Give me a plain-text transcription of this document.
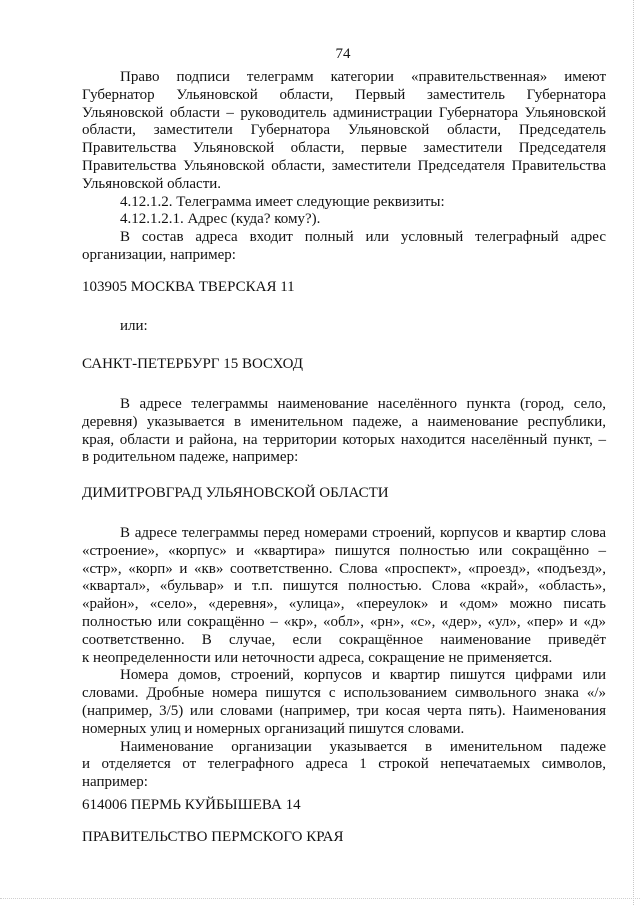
74
Право подписи телеграмм категории «правительственная» имеют
Губернатор Ульяновской области, Первый заместитель Губернатора
Ульяновской области – руководитель администрации Губернатора Ульяновской
области, заместители Губернатора Ульяновской области, Председатель
Правительства Ульяновской области, первые заместители Председателя
Правительства Ульяновской области, заместители Председателя Правительства
Ульяновской области.
4.12.1.2. Телеграмма имеет следующие реквизиты:
4.12.1.2.1. Адрес (куда? кому?).
В состав адреса входит полный или условный телеграфный адрес
организации, например:
103905 МОСКВА ТВЕРСКАЯ 11
или:
САНКТ-ПЕТЕРБУРГ 15 ВОСХОД
В адресе телеграммы наименование населённого пункта (город, село,
деревня) указывается в именительном падеже, а наименование республики,
края, области и района, на территории которых находится населённый пункт, –
в родительном падеже, например:
ДИМИТРОВГРАД УЛЬЯНОВСКОЙ ОБЛАСТИ
В адресе телеграммы перед номерами строений, корпусов и квартир слова
«строение», «корпус» и «квартира» пишутся полностью или сокращённо –
«стр», «корп» и «кв» соответственно. Слова «проспект», «проезд», «подъезд»,
«квартал», «бульвар» и т.п. пишутся полностью. Слова «край», «область»,
«район», «село», «деревня», «улица», «переулок» и «дом» можно писать
полностью или сокращённо – «кр», «обл», «рн», «с», «дер», «ул», «пер» и «д»
соответственно. В случае, если сокращённое наименование приведёт
к неопределенности или неточности адреса, сокращение не применяется.
Номера домов, строений, корпусов и квартир пишутся цифрами или
словами. Дробные номера пишутся с использованием символьного знака «/»
(например, 3/5) или словами (например, три косая черта пять). Наименования
номерных улиц и номерных организаций пишутся словами.
Наименование организации указывается в именительном падеже
и отделяется от телеграфного адреса 1 строкой непечатаемых символов,
например:
614006 ПЕРМЬ КУЙБЫШЕВА 14
ПРАВИТЕЛЬСТВО ПЕРМСКОГО КРАЯ
